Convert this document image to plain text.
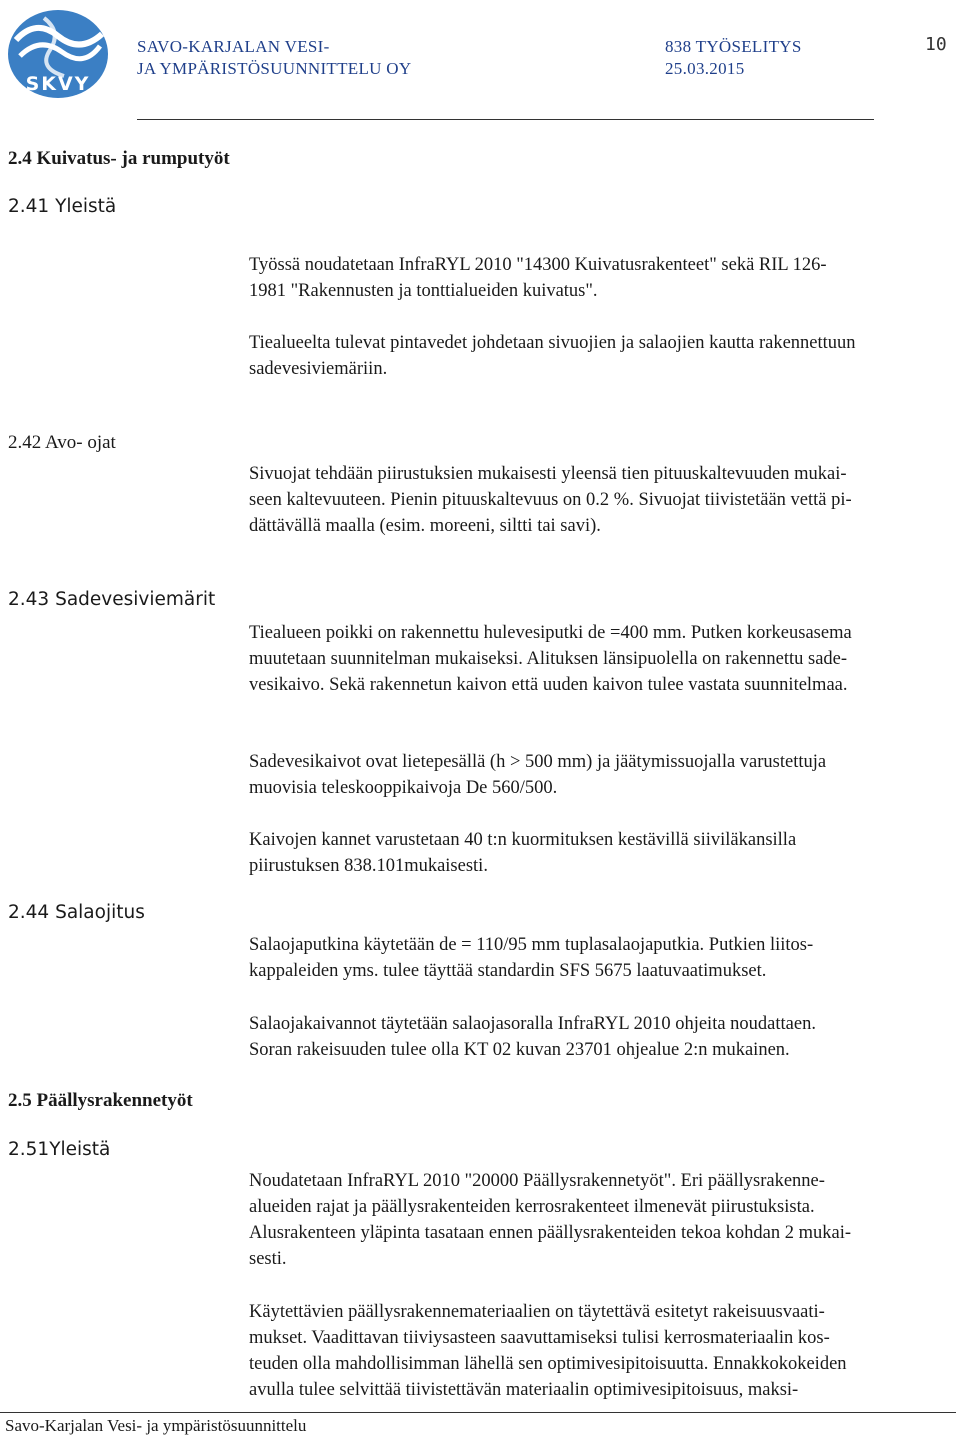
SKVY
SAVO-KARJALAN VESI-
JA YMPÄRISTÖSUUNNITTELU OY
838 TYÖSELITYS
25.03.2015
10
2.4 Kuivatus- ja rumputyöt
2.41 Yleistä
Työssä noudatetaan InfraRYL 2010 "14300 Kuivatusrakenteet" sekä RIL 126-
1981 "Rakennusten ja tonttialueiden kuivatus".
Tiealueelta tulevat pintavedet johdetaan sivuojien ja salaojien kautta rakennettuun
sadevesiviemäriin.
2.42 Avo- ojat
Sivuojat tehdään piirustuksien mukaisesti yleensä tien pituuskaltevuuden mukai-
seen kaltevuuteen. Pienin pituuskaltevuus on 0.2 %. Sivuojat tiivistetään vettä pi-
dättävällä maalla (esim. moreeni, siltti tai savi).
2.43 Sadevesiviemärit
Tiealueen poikki on rakennettu hulevesiputki de =400 mm. Putken korkeusasema
muutetaan suunnitelman mukaiseksi. Alituksen länsipuolella on rakennettu sade-
vesikaivo. Sekä rakennetun kaivon että uuden kaivon tulee vastata suunnitelmaa.
Sadevesikaivot ovat lietepesällä (h > 500 mm) ja jäätymissuojalla varustettuja
muovisia teleskooppikaivoja De 560/500.
Kaivojen kannet varustetaan 40 t:n kuormituksen kestävillä siiviläkansilla
piirustuksen 838.101mukaisesti.
2.44 Salaojitus
Salaojaputkina käytetään de = 110/95 mm tuplasalaojaputkia. Putkien liitos-
kappaleiden yms. tulee täyttää standardin SFS 5675 laatuvaatimukset.
Salaojakaivannot täytetään salaojasoralla InfraRYL 2010 ohjeita noudattaen.
Soran rakeisuuden tulee olla KT 02 kuvan 23701 ohjealue 2:n mukainen.
2.5 Päällysrakennetyöt
2.51Yleistä
Noudatetaan InfraRYL 2010 "20000 Päällysrakennetyöt". Eri päällysrakenne-
alueiden rajat ja päällysrakenteiden kerrosrakenteet ilmenevät piirustuksista.
Alusrakenteen yläpinta tasataan ennen päällysrakenteiden tekoa kohdan 2 mukai-
sesti.
Käytettävien päällysrakennemateriaalien on täytettävä esitetyt rakeisuusvaati-
mukset. Vaadittavan tiiviysasteen saavuttamiseksi tulisi kerrosmateriaalin kos-
teuden olla mahdollisimman lähellä sen optimivesipitoisuutta. Ennakkokokeiden
avulla tulee selvittää tiivistettävän materiaalin optimivesipitoisuus, maksi-
Savo-Karjalan Vesi- ja ympäristösuunnittelu
